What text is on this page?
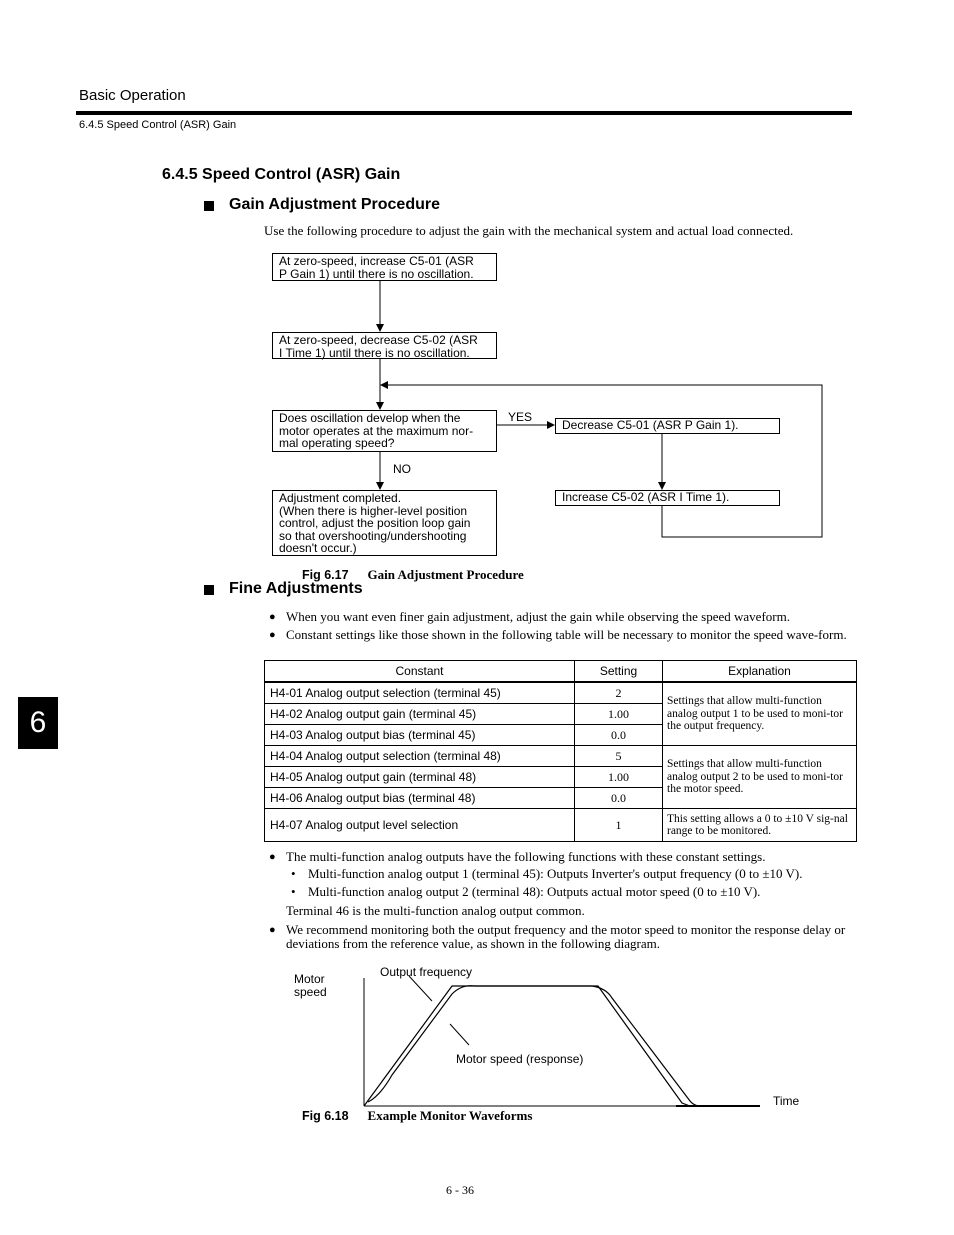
Basic Operation
6.4.5 Speed Control (ASR) Gain
6
6.4.5 Speed Control (ASR) Gain
Gain Adjustment Procedure
Use the following procedure to adjust the gain with the mechanical system and actual load connected.
At zero-speed, increase C5-01 (ASR
P Gain 1) until there is no oscillation.
At zero-speed, decrease C5-02 (ASR
I Time 1) until there is no oscillation.
Does oscillation develop when the
motor operates at the maximum nor-
mal operating speed?
Adjustment completed.
(When there is higher-level position
control, adjust the position loop gain
so that overshooting/undershooting
doesn't occur.)
Decrease C5-01 (ASR P Gain 1).
Increase C5-02 (ASR I Time 1).
YES
NO
Fig 6.17 Gain Adjustment Procedure
Fine Adjustments
● When you want even finer gain adjustment, adjust the gain while observing the speed waveform.
● Constant settings like those shown in the following table will be necessary to monitor the speed wave-form.
Constant	Setting	Explanation
H4-01 Analog output selection (terminal 45)	2	Settings that allow multi-function analog output 1 to be used to moni-tor the output frequency.
H4-02 Analog output gain (terminal 45)	1.00	
H4-03 Analog output bias (terminal 45)	0.0	
H4-04 Analog output selection (terminal 48)	5	Settings that allow multi-function analog output 2 to be used to moni-tor the motor speed.
H4-05 Analog output gain (terminal 48)	1.00	
H4-06 Analog output bias (terminal 48)	0.0	
H4-07 Analog output level selection	1	This setting allows a 0 to ±10 V sig-nal range to be monitored.
● The multi-function analog outputs have the following functions with these constant settings.
• Multi-function analog output 1 (terminal 45): Outputs Inverter's output frequency (0 to ±10 V).
• Multi-function analog output 2 (terminal 48): Outputs actual motor speed (0 to ±10 V).
Terminal 46 is the multi-function analog output common.
● We recommend monitoring both the output frequency and the motor speed to monitor the response delay or deviations from the reference value, as shown in the following diagram.
Motor
speed
Output frequency
Motor speed (response)
Time
Fig 6.18 Example Monitor Waveforms
6 - 36
